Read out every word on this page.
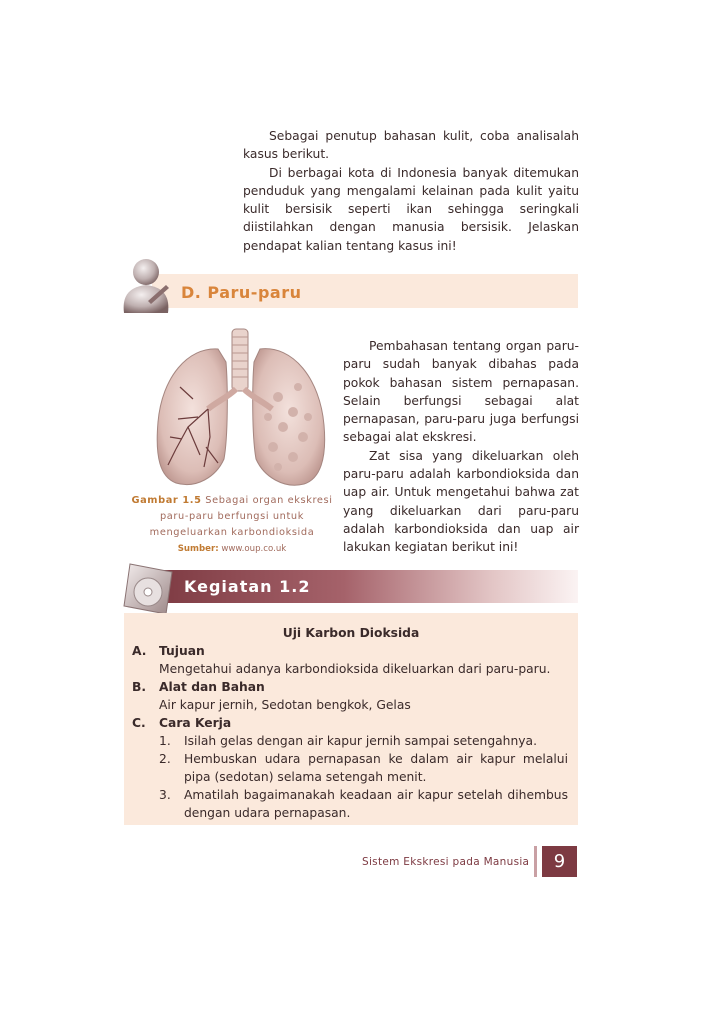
Sebagai penutup bahasan kulit, coba analisalah kasus berikut.

Di berbagai kota di Indonesia banyak ditemukan penduduk yang mengalami kelainan pada kulit yaitu kulit bersisik seperti ikan sehingga seringkali diistilahkan dengan manusia bersisik. Jelaskan pendapat kalian tentang kasus ini!

D. Paru-paru
Gambar 1.5 Sebagai organ ekskresi paru-paru berfungsi untuk mengeluarkan karbondioksida
Sumber: www.oup.co.uk

Pembahasan tentang organ paru-paru sudah banyak dibahas pada pokok bahasan sistem pernapasan. Selain berfungsi sebagai alat pernapasan, paru-paru juga berfungsi sebagai alat ekskresi.

Zat sisa yang dikeluarkan oleh paru-paru adalah karbondioksida dan uap air. Untuk mengetahui bahwa zat yang dikeluarkan dari paru-paru adalah karbondioksida dan uap air lakukan kegiatan berikut ini!

Kegiatan 1.2
Uji Karbon Dioksida
A. Tujuan
Mengetahui adanya karbondioksida dikeluarkan dari paru-paru.
B. Alat dan Bahan
Air kapur jernih, Sedotan bengkok, Gelas
C. Cara Kerja
1. Isilah gelas dengan air kapur jernih sampai setengahnya.
2. Hembuskan udara pernapasan ke dalam air kapur melalui pipa (sedotan) selama setengah menit.
3. Amatilah bagaimanakah keadaan air kapur setelah dihembus dengan udara pernapasan.
Sistem Ekskresi pada Manusia	9
